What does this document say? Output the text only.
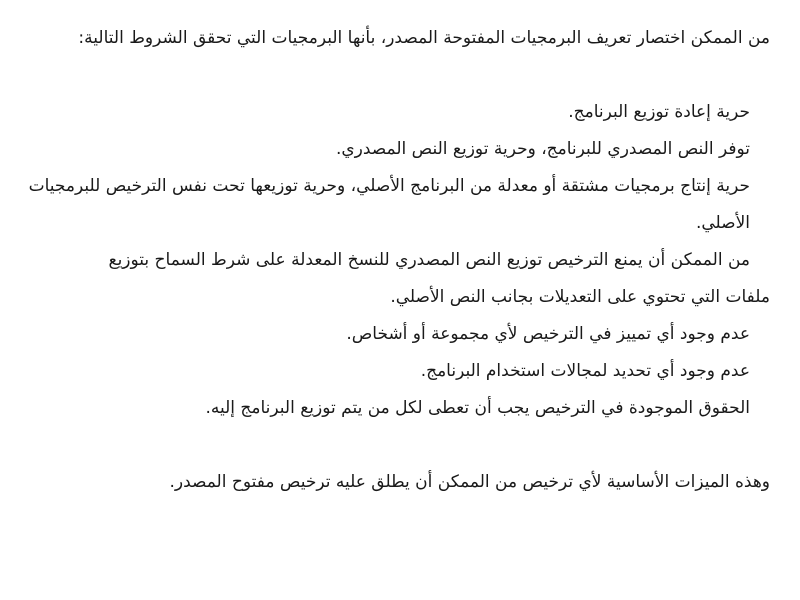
من الممكن اختصار تعريف البرمجيات المفتوحة المصدر، بأنها البرمجيات التي تحقق الشروط التالية:

حرية إعادة توزيع البرنامج.

توفر النص المصدري للبرنامج، وحرية توزيع النص المصدري.

حرية إنتاج برمجيات مشتقة أو معدلة من البرنامج الأصلي، وحرية توزيعها تحت نفس الترخيص للبرمجيات الأصلي.

من الممكن أن يمنع الترخيص توزيع النص المصدري للنسخ المعدلة على شرط السماح بتوزيع
ملفات التي تحتوي على التعديلات بجانب النص الأصلي.

عدم وجود أي تمييز في الترخيص لأي مجموعة أو أشخاص.

عدم وجود أي تحديد لمجالات استخدام البرنامج.

الحقوق الموجودة في الترخيص يجب أن تعطى لكل من يتم توزيع البرنامج إليه.

وهذه الميزات الأساسية لأي ترخيص من الممكن أن يطلق عليه ترخيص مفتوح المصدر.
